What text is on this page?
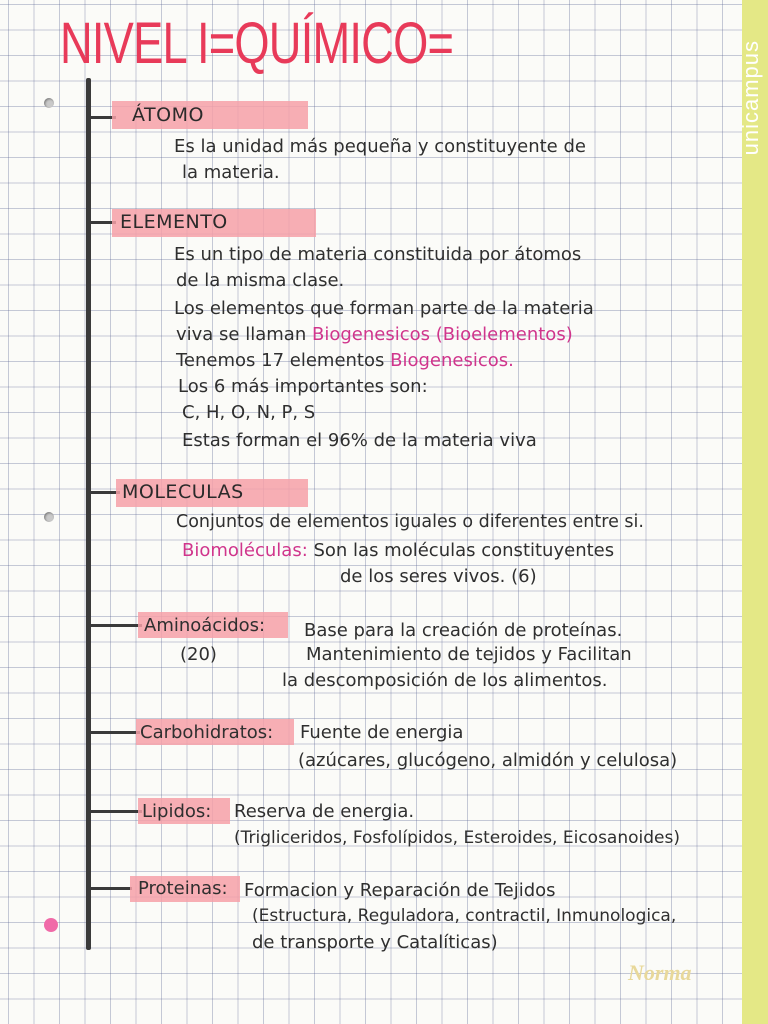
NIVEL I=QUÍMICO=
ÁTOMO
Es la unidad más pequeña y constituyente de
la materia.
ELEMENTO
Es un tipo de materia constituida por átomos
de la misma clase.
Los elementos que forman parte de la materia
viva se llaman Biogenesicos (Bioelementos)
Tenemos 17 elementos Biogenesicos.
Los 6 más importantes son:
C, H, O, N, P, S
Estas forman el 96% de la materia viva
MOLECULAS
Conjuntos de elementos iguales o diferentes entre si.
Biomoléculas: Son las moléculas constituyentes
de los seres vivos. (6)
Aminoácidos: Base para la creación de proteínas.
(20)	Mantenimiento de tejidos y Facilitan
la descomposición de los alimentos.
Carbohidratos: Fuente de energia
(azúcares, glucógeno, almidón y celulosa)
Lipidos: Reserva de energia.
(Trigliceridos, Fosfolípidos, Esteroides, Eicosanoides)
Proteinas: Formacion y Reparación de Tejidos
(Estructura, Reguladora, contractil, Inmunologica,
de transporte y Catalíticas)
Norma
unicampus
